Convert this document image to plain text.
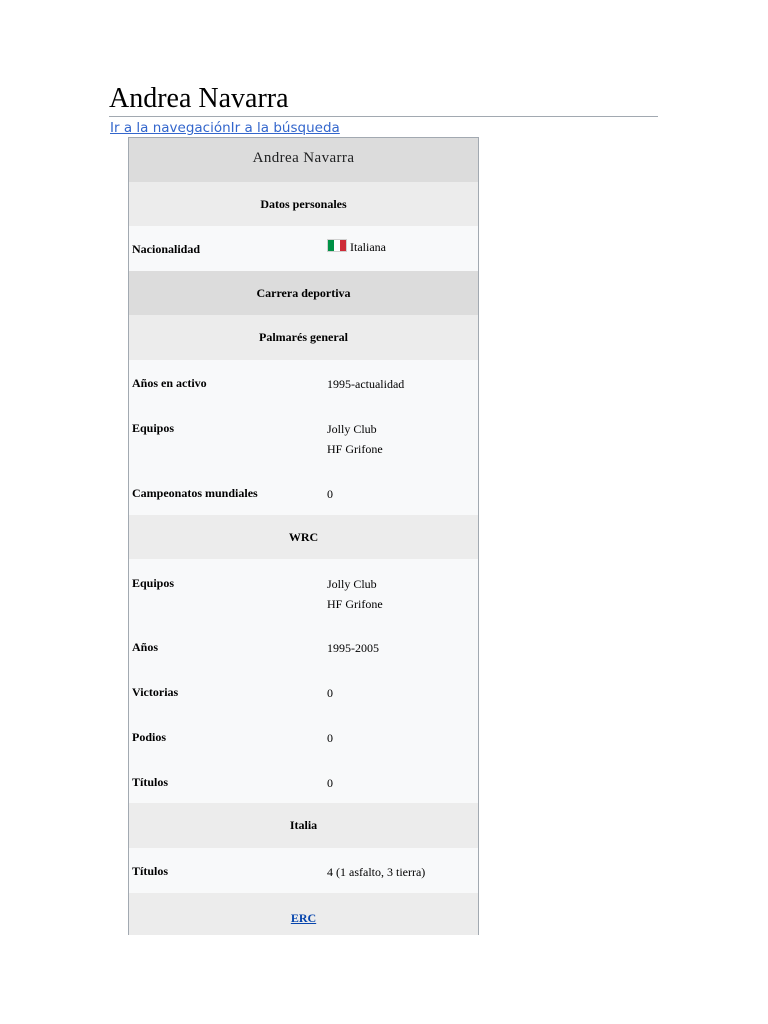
Andrea Navarra
Ir a la navegaciónIr a la búsqueda
Andrea Navarra
Datos personales
Nacionalidad	Italiana
Carrera deportiva
Palmarés general
Años en activo	1995-actualidad
Equipos	Jolly Club
HF Grifone
Campeonatos mundiales	0
WRC
Equipos	Jolly Club
HF Grifone
Años	1995-2005
Victorias	0
Podios	0
Títulos	0
Italia
Títulos	4 (1 asfalto, 3 tierra)
ERC
